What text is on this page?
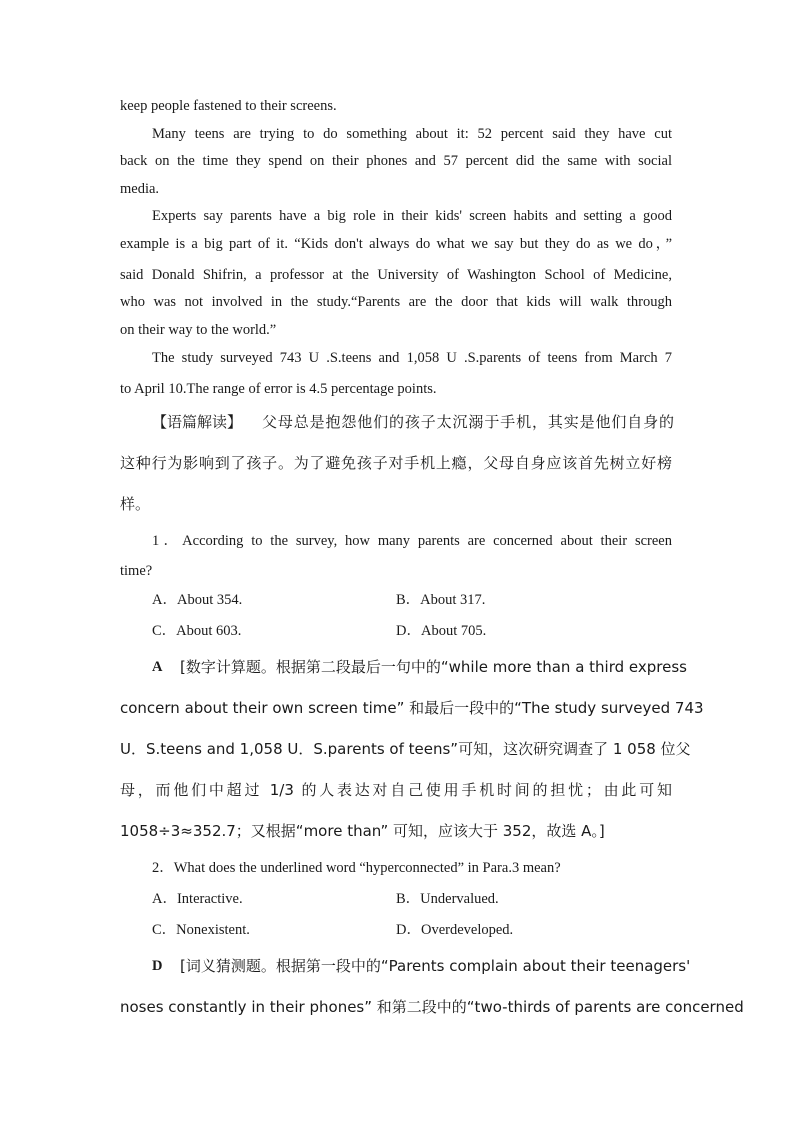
keep people fastened to their screens.
Many teens are trying to do something about it: 52 percent said they have cut
back on the time they spend on their phones and 57 percent did the same with social
media.
Experts say parents have a big role in their kids' screen habits and setting a good
example is a big part of it. “Kids don't always do what we say but they do as we do，”
said Donald Shifrin, a professor at the University of Washington School of Medicine,
who was not involved in the study.“Parents are the door that kids will walk through
on their way to the world.”
The study surveyed 743 U .S.teens and 1,058 U .S.parents of teens from March 7
to April 10.The range of error is 4.5 percentage points.
【语篇解读】 父母总是抱怨他们的孩子太沉溺于手机，其实是他们自身的
这种行为影响到了孩子。为了避免孩子对手机上瘾，父母自身应该首先树立好榜
样。
1．According to the survey, how many parents are concerned about their screen
time?
A．About 354.	B．About 317.
C．About 603.	D．About 705.
A [数字计算题。根据第二段最后一句中的“while more than a third express
concern about their own screen time” 和最后一段中的“The study surveyed 743
U．S.teens and 1,058 U．S.parents of teens”可知，这次研究调查了 1 058 位父
母，而他们中超过 1/3 的人表达对自己使用手机时间的担忧；由此可知
1058÷3≈352.7；又根据“more than” 可知，应该大于 352，故选 A。]
2．What does the underlined word “hyperconnected” in Para.3 mean?
A．Interactive.	B．Undervalued.
C．Nonexistent.	D．Overdeveloped.
D [词义猜测题。根据第一段中的“Parents complain about their teenagers'
noses constantly in their phones” 和第二段中的“two-thirds of parents are concerned
